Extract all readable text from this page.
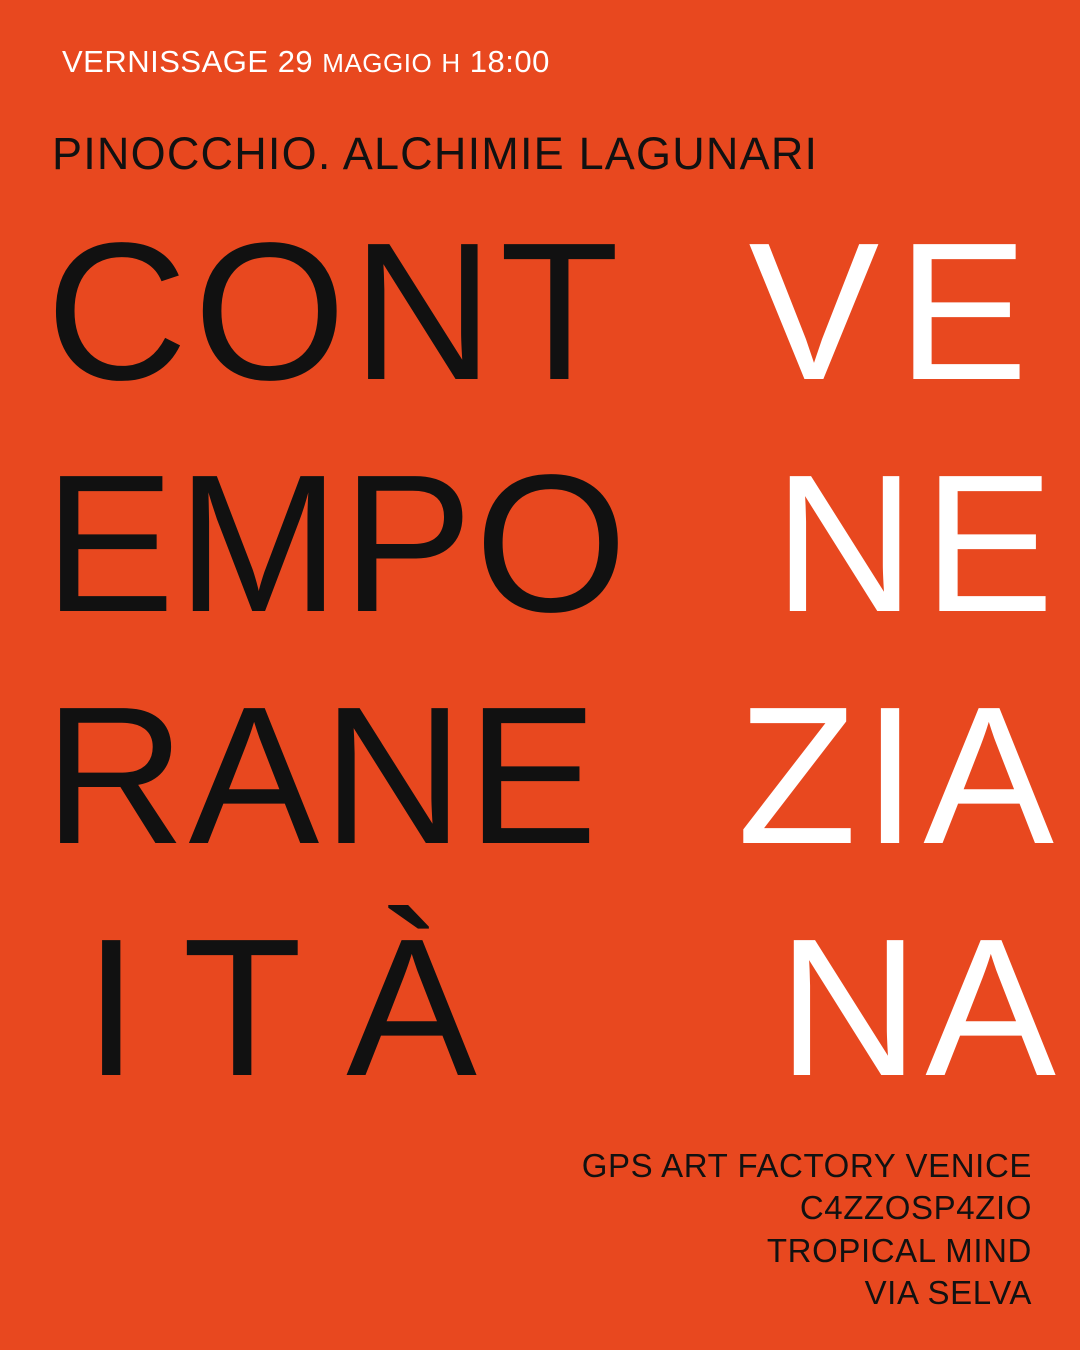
VERNISSAGE 29 MAGGIO H 18:00
PINOCCHIO. ALCHIMIE LAGUNARI
CONT VE
EMPO NE
RANE ZIA
ITÀ NA
GPS ART FACTORY VENICE
C4ZZOSP4ZIO
TROPICAL MIND
VIA SELVA
